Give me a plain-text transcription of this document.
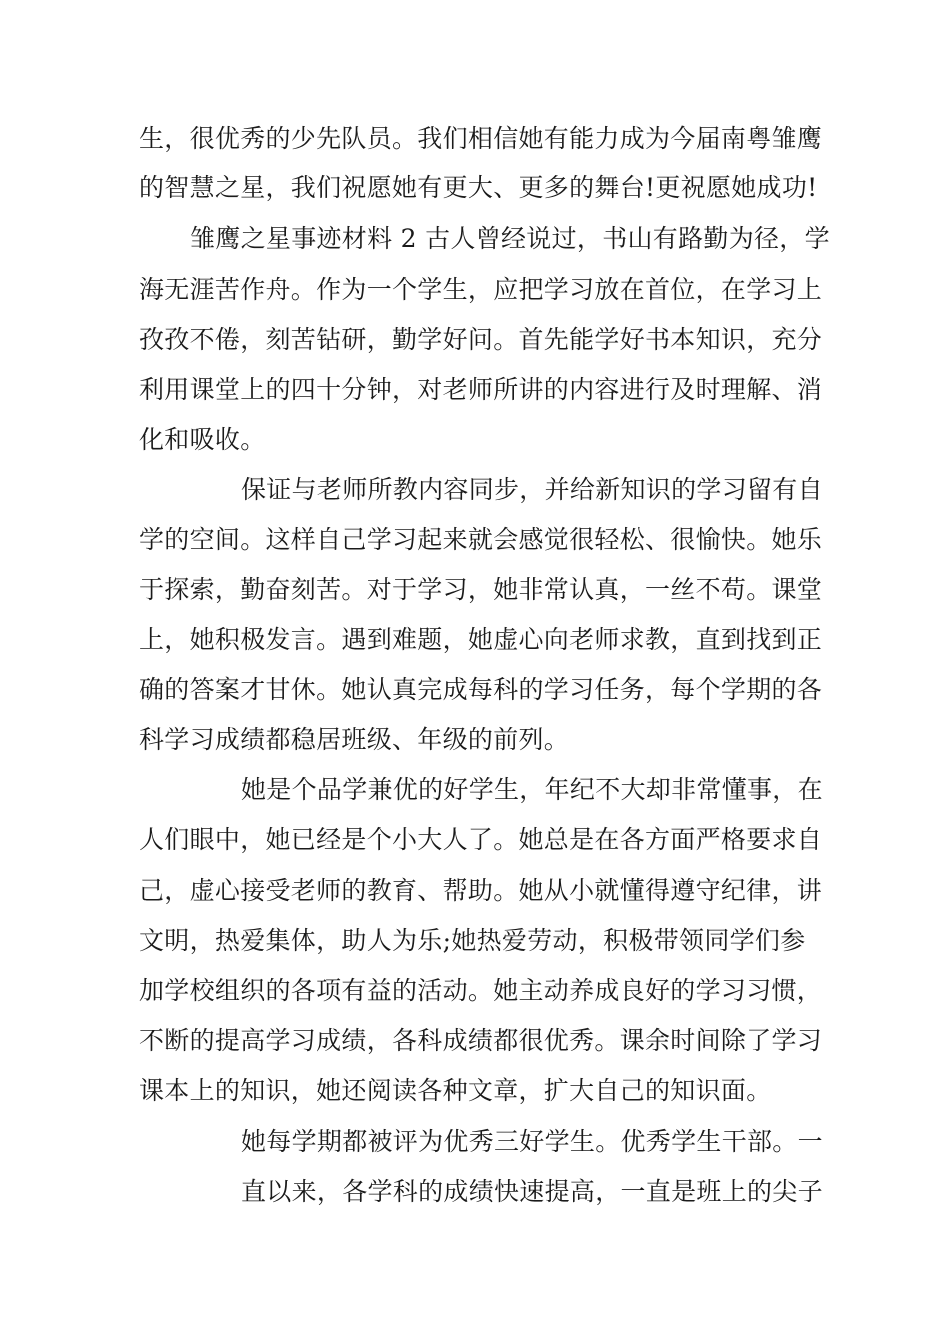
生，很优秀的少先队员。我们相信她有能力成为今届南粤雏鹰
的智慧之星，我们祝愿她有更大、更多的舞台!更祝愿她成功!
雏鹰之星事迹材料 2 古人曾经说过，书山有路勤为径，学
海无涯苦作舟。作为一个学生，应把学习放在首位，在学习上
孜孜不倦，刻苦钻研，勤学好问。首先能学好书本知识，充分
利用课堂上的四十分钟，对老师所讲的内容进行及时理解、消
化和吸收。
保证与老师所教内容同步，并给新知识的学习留有自
学的空间。这样自己学习起来就会感觉很轻松、很愉快。她乐
于探索，勤奋刻苦。对于学习，她非常认真，一丝不苟。课堂
上，她积极发言。遇到难题，她虚心向老师求教，直到找到正
确的答案才甘休。她认真完成每科的学习任务，每个学期的各
科学习成绩都稳居班级、年级的前列。
她是个品学兼优的好学生，年纪不大却非常懂事，在
人们眼中，她已经是个小大人了。她总是在各方面严格要求自
己，虚心接受老师的教育、帮助。她从小就懂得遵守纪律，讲
文明，热爱集体，助人为乐;她热爱劳动，积极带领同学们参
加学校组织的各项有益的活动。她主动养成良好的学习习惯，
不断的提高学习成绩，各科成绩都很优秀。课余时间除了学习
课本上的知识，她还阅读各种文章，扩大自己的知识面。
她每学期都被评为优秀三好学生。优秀学生干部。一
直以来，各学科的成绩快速提高，一直是班上的尖子
